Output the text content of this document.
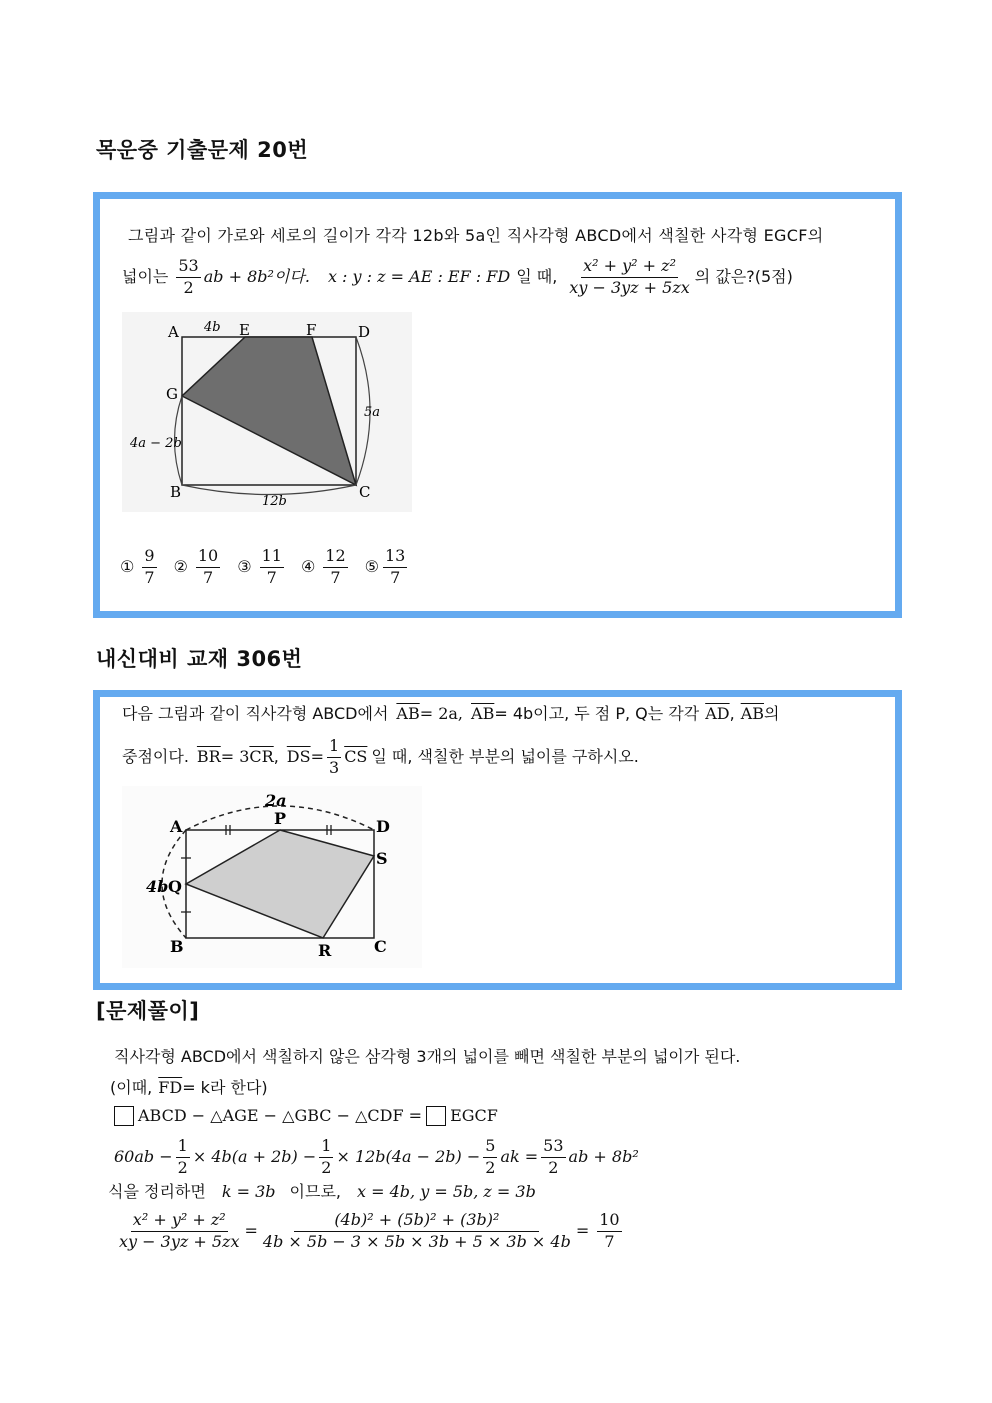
목운중 기출문제 20번
그림과 같이 가로와 세로의 길이가 각각 12b와 5a인 직사각형 ABCD에서 색칠한 사각형 EGCF의
넓이는 $\frac{53}{2}$ ab + 8b²이다. x : y : z = AE : EF : FD 일 때, $\frac{\text{x² + y² + z²}}{xy - 3yz + 5zx}$ 의 값은?(5점)
A 4b E	F	D
G
5a
4a − 2b
B
12b
C
① $\frac{9}{7}$ ② $\frac{10}{7}$ ③ $\frac{11}{7}$ ④ $\frac{12}{7}$ ⑤ $\frac{13}{7}$
내신대비 교재 306번
다음 그림과 같이 직사각형 ABCD에서 $\overline{AB} = 2a$, $\overline{AB} = 4b$이고, 두 점 P, Q는 각각 $\overline{AD}$ , $\overline{AB}$ 의
중점이다. $\overline{BR} = 3$ $\overline{CR}$ , $\overline{DS} = \frac{1}{3} \overline{CS}$ 일 때, 색칠한 부분의 넓이를 구하시오.
2a
A	P	D
S
4b Q
B	R	C
[문제풀이]
직사각형 ABCD에서 색칠하지 않은 삼각형 3개의 넓이를 빼면 색칠한 부분의 넓이가 된다.
(이때, $\overline{FD} = k$라 한다)
ABCD − △AGE − △GBC − △CDF = EGCF
$60ab - \frac{1}{2} \times 4b(a + 2b) - \frac{1}{2} \times 12b(4a - 2b) - \frac{5}{2}$ ak = $\frac{53}{2}$ ab + 8b²
식을 정리하면 k = 3b 이므로, x = 4b, y = 5b, z = 3b
$\frac{\text{x² + y² + z²}}{xy - 3yz + 5zx} = \frac{\text{(4b)² + (5b)² + (3b)²}}{4b \times 5b - 3 \times 5b \times 3b + 5 \times 3b \times 4b} = \frac{10}{7}$
